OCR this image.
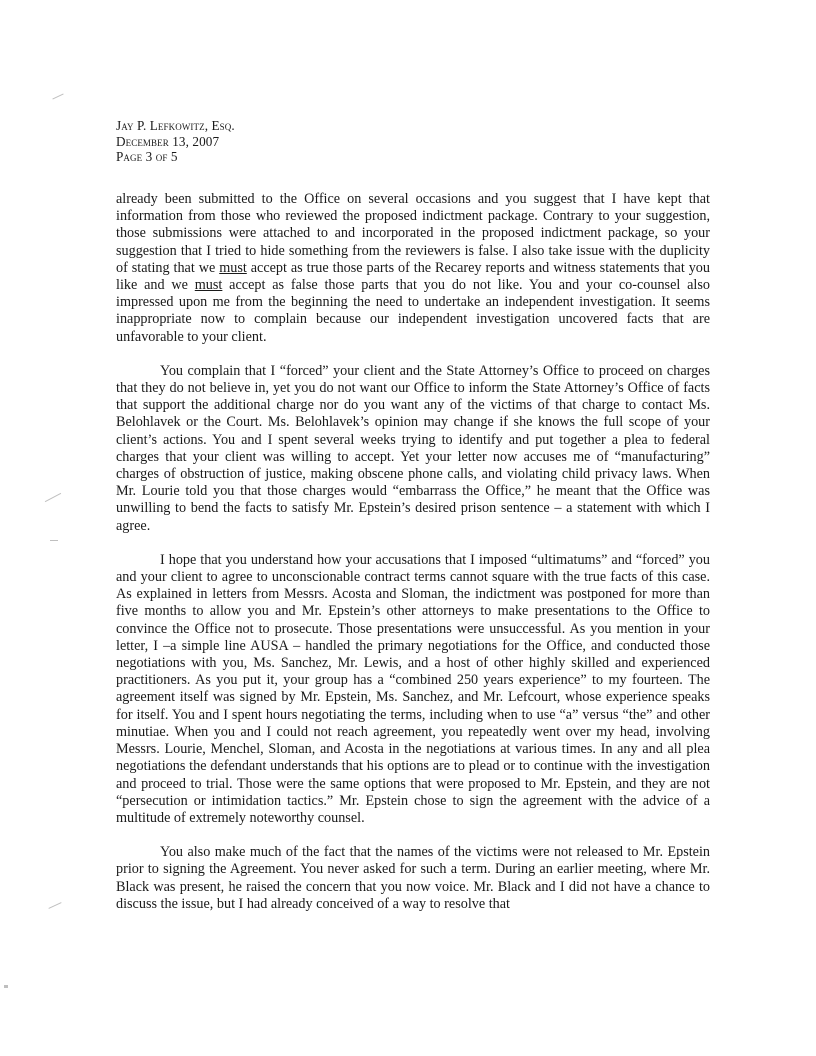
Jay P. Lefkowitz, Esq.
December 13, 2007
Page 3 of 5

already been submitted to the Office on several occasions and you suggest that I have kept that information from those who reviewed the proposed indictment package. Contrary to your suggestion, those submissions were attached to and incorporated in the proposed indictment package, so your suggestion that I tried to hide something from the reviewers is false. I also take issue with the duplicity of stating that we must accept as true those parts of the Recarey reports and witness statements that you like and we must accept as false those parts that you do not like. You and your co-counsel also impressed upon me from the beginning the need to undertake an independent investigation. It seems inappropriate now to complain because our independent investigation uncovered facts that are unfavorable to your client.

You complain that I “forced” your client and the State Attorney’s Office to proceed on charges that they do not believe in, yet you do not want our Office to inform the State Attorney’s Office of facts that support the additional charge nor do you want any of the victims of that charge to contact Ms. Belohlavek or the Court. Ms. Belohlavek’s opinion may change if she knows the full scope of your client’s actions. You and I spent several weeks trying to identify and put together a plea to federal charges that your client was willing to accept. Yet your letter now accuses me of “manufacturing” charges of obstruction of justice, making obscene phone calls, and violating child privacy laws. When Mr. Lourie told you that those charges would “embarrass the Office,” he meant that the Office was unwilling to bend the facts to satisfy Mr. Epstein’s desired prison sentence – a statement with which I agree.

I hope that you understand how your accusations that I imposed “ultimatums” and “forced” you and your client to agree to unconscionable contract terms cannot square with the true facts of this case. As explained in letters from Messrs. Acosta and Sloman, the indictment was postponed for more than five months to allow you and Mr. Epstein’s other attorneys to make presentations to the Office to convince the Office not to prosecute. Those presentations were unsuccessful. As you mention in your letter, I –a simple line AUSA – handled the primary negotiations for the Office, and conducted those negotiations with you, Ms. Sanchez, Mr. Lewis, and a host of other highly skilled and experienced practitioners. As you put it, your group has a “combined 250 years experience” to my fourteen. The agreement itself was signed by Mr. Epstein, Ms. Sanchez, and Mr. Lefcourt, whose experience speaks for itself. You and I spent hours negotiating the terms, including when to use “a” versus “the” and other minutiae. When you and I could not reach agreement, you repeatedly went over my head, involving Messrs. Lourie, Menchel, Sloman, and Acosta in the negotiations at various times. In any and all plea negotiations the defendant understands that his options are to plead or to continue with the investigation and proceed to trial. Those were the same options that were proposed to Mr. Epstein, and they are not “persecution or intimidation tactics.” Mr. Epstein chose to sign the agreement with the advice of a multitude of extremely noteworthy counsel.

You also make much of the fact that the names of the victims were not released to Mr. Epstein prior to signing the Agreement. You never asked for such a term. During an earlier meeting, where Mr. Black was present, he raised the concern that you now voice. Mr. Black and I did not have a chance to discuss the issue, but I had already conceived of a way to resolve that
